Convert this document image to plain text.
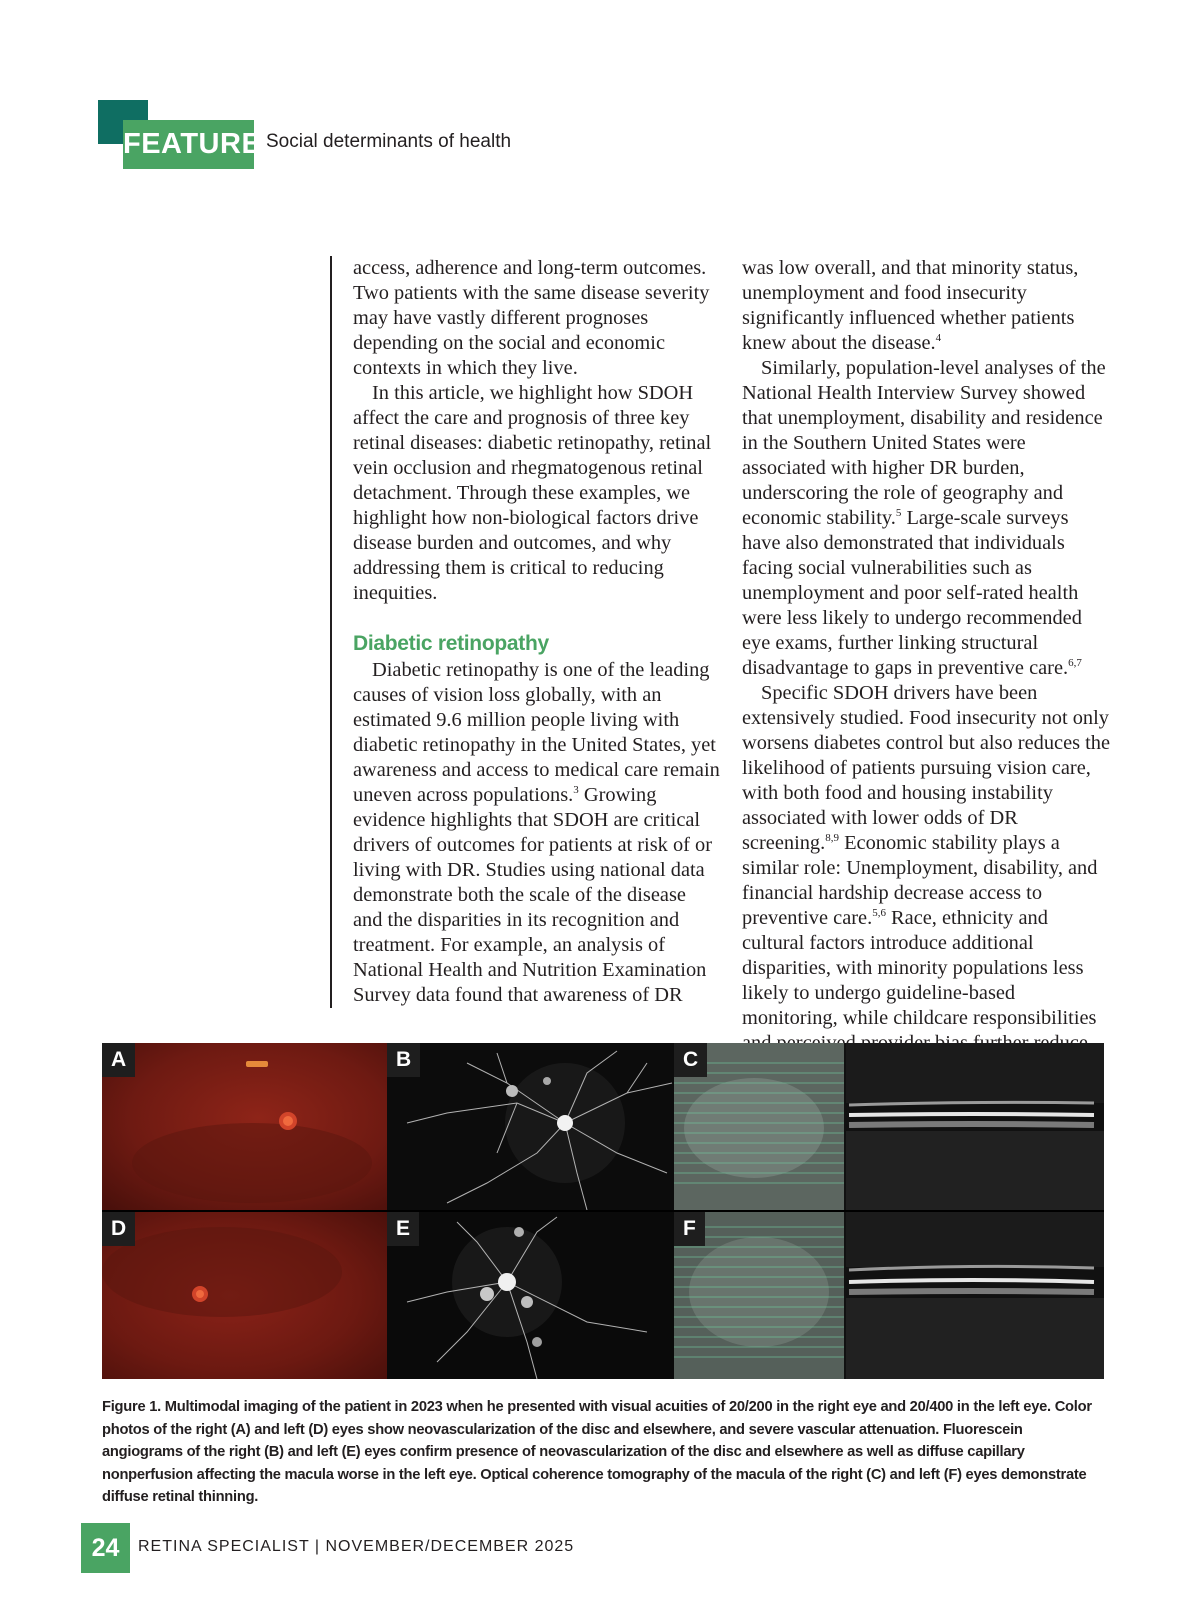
FEATURE Social determinants of health

access, adherence and long-term outcomes. Two patients with the same disease severity may have vastly different prognoses depending on the social and economic contexts in which they live.

In this article, we highlight how SDOH affect the care and prognosis of three key retinal diseases: diabetic retinopathy, retinal vein occlusion and rhegmatogenous retinal detachment. Through these examples, we highlight how non-biological factors drive disease burden and outcomes, and why addressing them is critical to reducing inequities.

Diabetic retinopathy

Diabetic retinopathy is one of the leading causes of vision loss globally, with an estimated 9.6 million people living with diabetic retinopathy in the United States, yet awareness and access to medical care remain uneven across populations.$^3$ Growing evidence highlights that SDOH are critical drivers of outcomes for patients at risk of or living with DR. Studies using national data demonstrate both the scale of the disease and the disparities in its recognition and treatment. For example, an analysis of National Health and Nutrition Examination Survey data found that awareness of DR

was low overall, and that minority status, unemployment and food insecurity significantly influenced whether patients knew about the disease.$^4$

Similarly, population-level analyses of the National Health Interview Survey showed that unemployment, disability and residence in the Southern United States were associated with higher DR burden, underscoring the role of geography and economic stability.$^5$ Large-scale surveys have also demonstrated that individuals facing social vulnerabilities such as unemployment and poor self-rated health were less likely to undergo recommended eye exams, further linking structural disadvantage to gaps in preventive care.$^{6,7}$

Specific SDOH drivers have been extensively studied. Food insecurity not only worsens diabetes control but also reduces the likelihood of patients pursuing vision care, with both food and housing instability associated with lower odds of DR screening.$^{8,9}$ Economic stability plays a similar role: Unemployment, disability, and financial hardship decrease access to preventive care.$^{5,6}$ Race, ethnicity and cultural factors introduce additional disparities, with minority populations less likely to undergo guideline-based monitoring, while childcare responsibilities

A	B	C
D	E	F
Figure 1. Multimodal imaging of the patient in 2023 when he presented with visual acuities of 20/200 in the right eye and 20/400 in the left eye. Color photos of the right (A) and left (D) eyes show neovascularization of the disc and elsewhere, and severe vascular attenuation. Fluorescein angiograms of the right (B) and left (E) eyes confirm presence of neovascularization of the disc and elsewhere as well as diffuse capillary nonperfusion affecting the macula worse in the left eye. Optical coherence tomography of the macula of the right (C) and left (F) eyes demonstrate diffuse retinal thinning.
24	RETINA SPECIALIST | NOVEMBER/DECEMBER 2025
